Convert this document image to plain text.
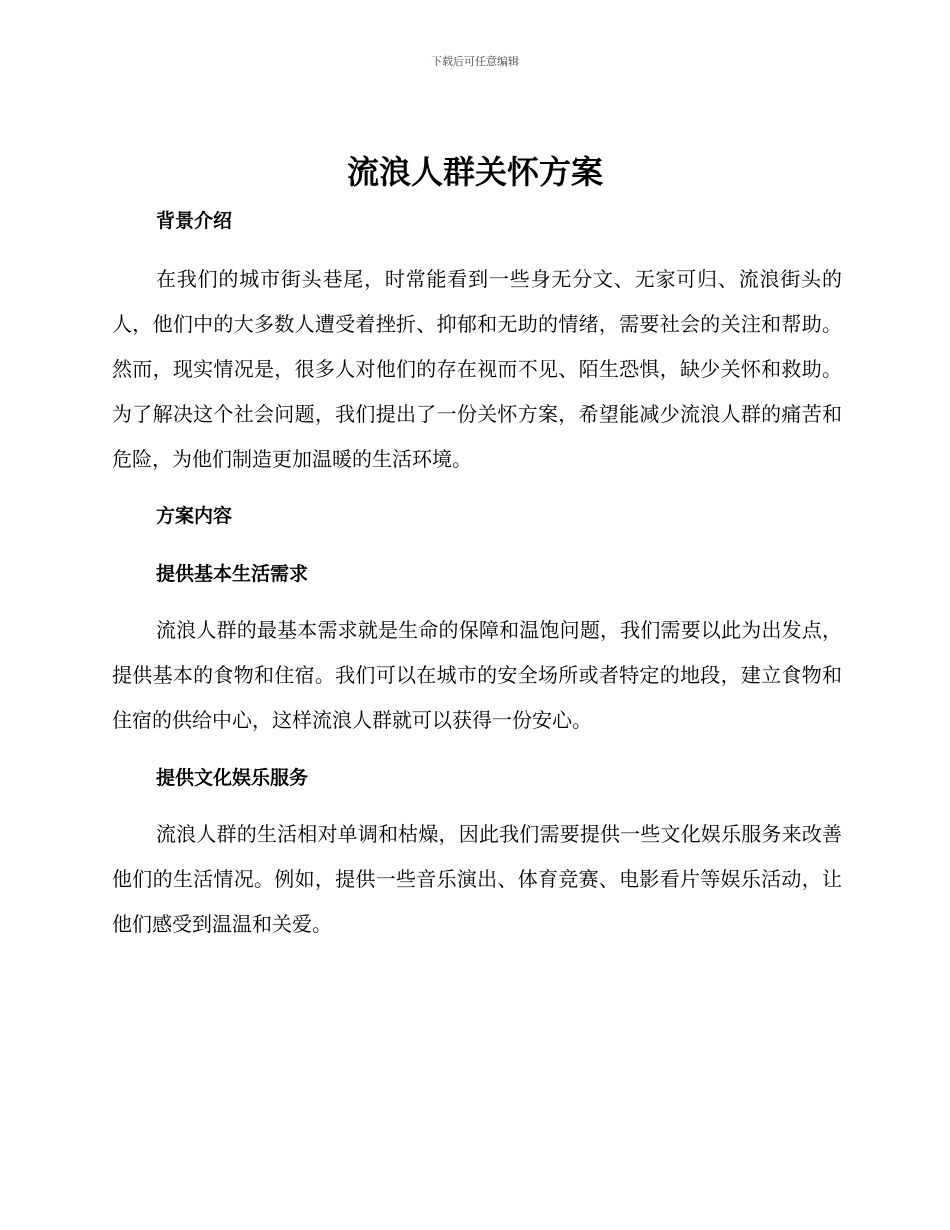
下载后可任意编辑
流浪人群关怀方案
背景介绍

在我们的城市街头巷尾，时常能看到一些身无分文、无家可归、流浪街头的人，他们中的大多数人遭受着挫折、抑郁和无助的情绪，需要社会的关注和帮助。然而，现实情况是，很多人对他们的存在视而不见、陌生恐惧，缺少关怀和救助。为了解决这个社会问题，我们提出了一份关怀方案，希望能减少流浪人群的痛苦和危险，为他们制造更加温暖的生活环境。

方案内容
提供基本生活需求

流浪人群的最基本需求就是生命的保障和温饱问题，我们需要以此为出发点，提供基本的食物和住宿。我们可以在城市的安全场所或者特定的地段，建立食物和住宿的供给中心，这样流浪人群就可以获得一份安心。

提供文化娱乐服务

流浪人群的生活相对单调和枯燥，因此我们需要提供一些文化娱乐服务来改善他们的生活情况。例如，提供一些音乐演出、体育竞赛、电影看片等娱乐活动，让他们感受到温温和关爱。
